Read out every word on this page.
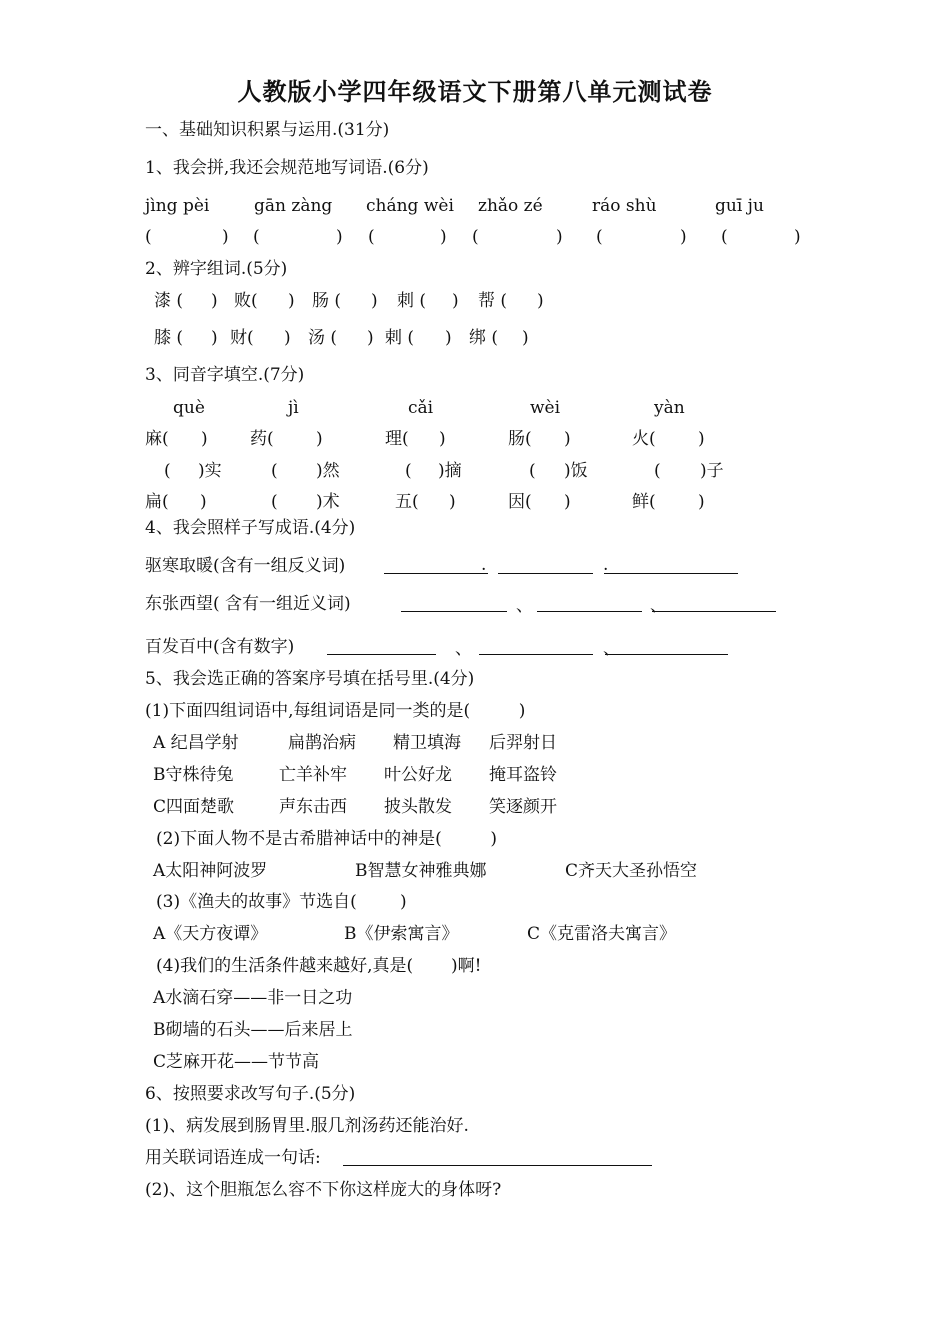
人教版小学四年级语文下册第八单元测试卷
一、基础知识积累与运用.(31分)
1、我会拼,我还会规范地写词语.(6分)
jìng pèi	gān zàng cháng wèi zhǎo zé	ráo shù	guī ju
(	) (	) (	) (	) (	) (	)
2、辨字组词.(5分)
漆 ( ) 败( ) 肠 ( ) 刺 ( ) 帮 ( )
膝 ( ) 财( ) 汤 ( ) 剌 ( ) 绑 ( )
3、同音字填空.(7分)
què	jì	cǎi	wèi	yàn
麻( ) 药( )	理( )	肠( )	火( )
( )实	( )然	( )摘	( )饭	( )子
扁( )	( )术	五( )	因( )	鲜( )
4、我会照样子写成语.(4分)
驱寒取暖(含有一组反义词)	.	.
东张西望( 含有一组近义词)	、	、
百发百中(含有数字)	、	、
5、我会选正确的答案序号填在括号里.(4分)
(1)下面四组词语中,每组词语是同一类的是(         )
A 纪昌学射	扁鹊治病 精卫填海 后羿射日
B守株待兔	亡羊补牢 叶公好龙 掩耳盗铃
C四面楚歌	声东击西 披头散发 笑逐颜开
(2)下面人物不是古希腊神话中的神是(         )
A太阳神阿波罗	B智慧女神雅典娜	C齐天大圣孙悟空
(3)《渔夫的故事》节选自(        )
A《天方夜谭》	B《伊索寓言》	C《克雷洛夫寓言》
(4)我们的生活条件越来越好,真是(       )啊!
A水滴石穿——非一日之功
B砌墙的石头——后来居上
C芝麻开花——节节高
6、按照要求改写句子.(5分)
(1)、病发展到肠胃里.服几剂汤药还能治好.
用关联词语连成一句话:
(2)、这个胆瓶怎么容不下你这样庞大的身体呀?
